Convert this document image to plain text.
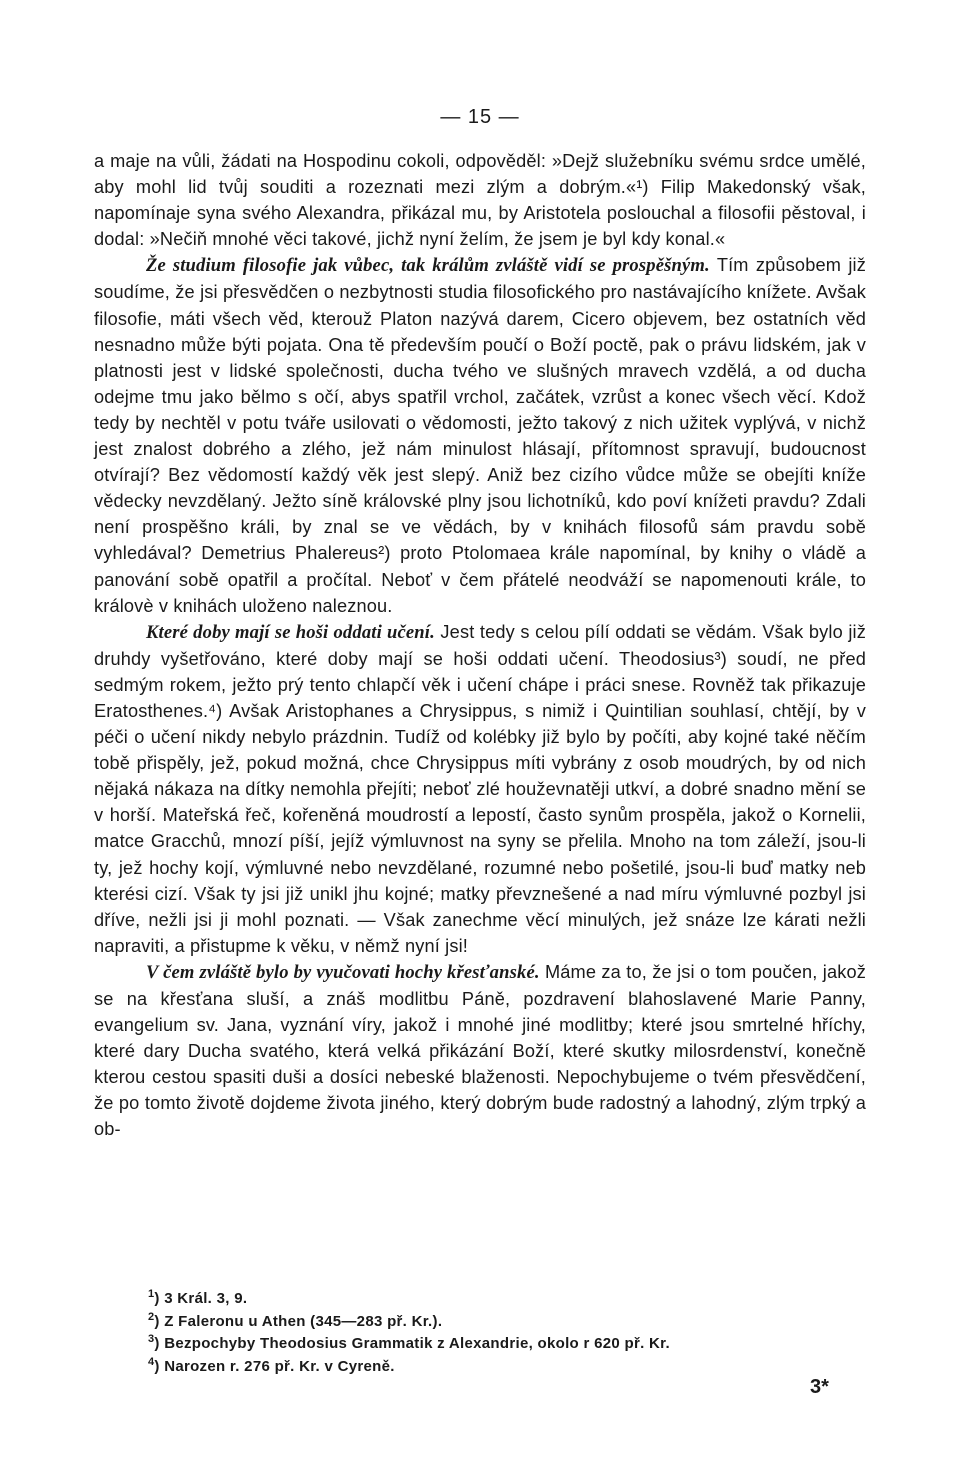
— 15 —

a maje na vůli, žádati na Hospodinu cokoli, odpověděl: »Dejž služebníku svému srdce umělé, aby mohl lid tvůj souditi a rozeznati mezi zlým a dobrým.«¹) Filip Makedonský však, napomínaje syna svého Alexandra, přikázal mu, by Aristotela poslouchal a filosofii pěstoval, i dodal: »Nečiň mnohé věci takové, jichž nyní želím, že jsem je byl kdy konal.«

Že studium filosofie jak vůbec, tak králům zvláště vidí se prospěšným. Tím způsobem již soudíme, že jsi přesvědčen o nezbytnosti studia filosofického pro nastávajícího knížete. Avšak filosofie, máti všech věd, kterouž Platon nazývá darem, Cicero objevem, bez ostatních věd nesnadno může býti pojata. Ona tě především poučí o Boží poctě, pak o právu lidském, jak v platnosti jest v lidské společnosti, ducha tvého ve slušných mravech vzdělá, a od ducha odejme tmu jako bělmo s očí, abys spatřil vrchol, začátek, vzrůst a konec všech věcí. Kdož tedy by nechtěl v potu tváře usilovati o vědomosti, ježto takový z nich užitek vyplývá, v nichž jest znalost dobrého a zlého, jež nám minulost hlásají, přítomnost spravují, budoucnost otvírají? Bez vědomostí každý věk jest slepý. Aniž bez cizího vůdce může se obejíti kníže vědecky nevzdělaný. Ježto síně královské plny jsou lichotníků, kdo poví knížeti pravdu? Zdali není prospěšno králi, by znal se ve vědách, by v knihách filosofů sám pravdu sobě vyhledával? Demetrius Phalereus²) proto Ptolomaea krále napomínal, by knihy o vládě a panování sobě opatřil a pročítal. Neboť v čem přátelé neodváží se napomenouti krále, to královè v knihách uloženo naleznou.

Které doby mají se hoši oddati učení. Jest tedy s celou pílí oddati se vědám. Však bylo již druhdy vyšetřováno, které doby mají se hoši oddati učení. Theodosius³) soudí, ne před sedmým rokem, ježto prý tento chlapčí věk i učení chápe i práci snese. Rovněž tak přikazuje Eratosthenes.⁴) Avšak Aristophanes a Chrysippus, s nimiž i Quintilian souhlasí, chtějí, by v péči o učení nikdy nebylo prázdnin. Tudíž od kolébky již bylo by počíti, aby kojné také něčím tobě přispěly, jež, pokud možná, chce Chrysippus míti vybrány z osob moudrých, by od nich nějaká nákaza na dítky nemohla přejíti; neboť zlé houževnatěji utkví, a dobré snadno mění se v horší. Mateřská řeč, kořeněná moudrostí a lepostí, často synům prospěla, jakož o Kornelii, matce Gracchů, mnozí píší, jejíž výmluvnost na syny se přelila. Mnoho na tom záleží, jsou-li ty, jež hochy kojí, výmluvné nebo nevzdělané, rozumné nebo pošetilé, jsou-li buď matky neb kterési cizí. Však ty jsi již unikl jhu kojné; matky převznešené a nad míru výmluvné pozbyl jsi dříve, nežli jsi ji mohl poznati. — Však zanechme věcí minulých, jež snáze lze kárati nežli napraviti, a přistupme k věku, v němž nyní jsi!

V čem zvláště bylo by vyučovati hochy křesťanské. Máme za to, že jsi o tom poučen, jakož se na křesťana sluší, a znáš modlitbu Páně, pozdravení blahoslavené Marie Panny, evangelium sv. Jana, vyznání víry, jakož i mnohé jiné modlitby; které jsou smrtelné hříchy, které dary Ducha svatého, která velká přikázání Boží, které skutky milosrdenství, konečně kterou cestou spasiti duši a dosíci nebeské blaženosti. Nepochybujeme o tvém přesvědčení, že po tomto životě dojdeme života jiného, který dobrým bude radostný a lahodný, zlým trpký a ob-

$^1$) 3 Král. 3, 9.
$^2$) Z Faleronu u Athen (345—283 př. Kr.).
$^3$) Bezpochyby Theodosius Grammatik z Alexandrie, okolo r 620 př. Kr.
$^4$) Narozen r. 276 př. Kr. v Cyreně.
3*
